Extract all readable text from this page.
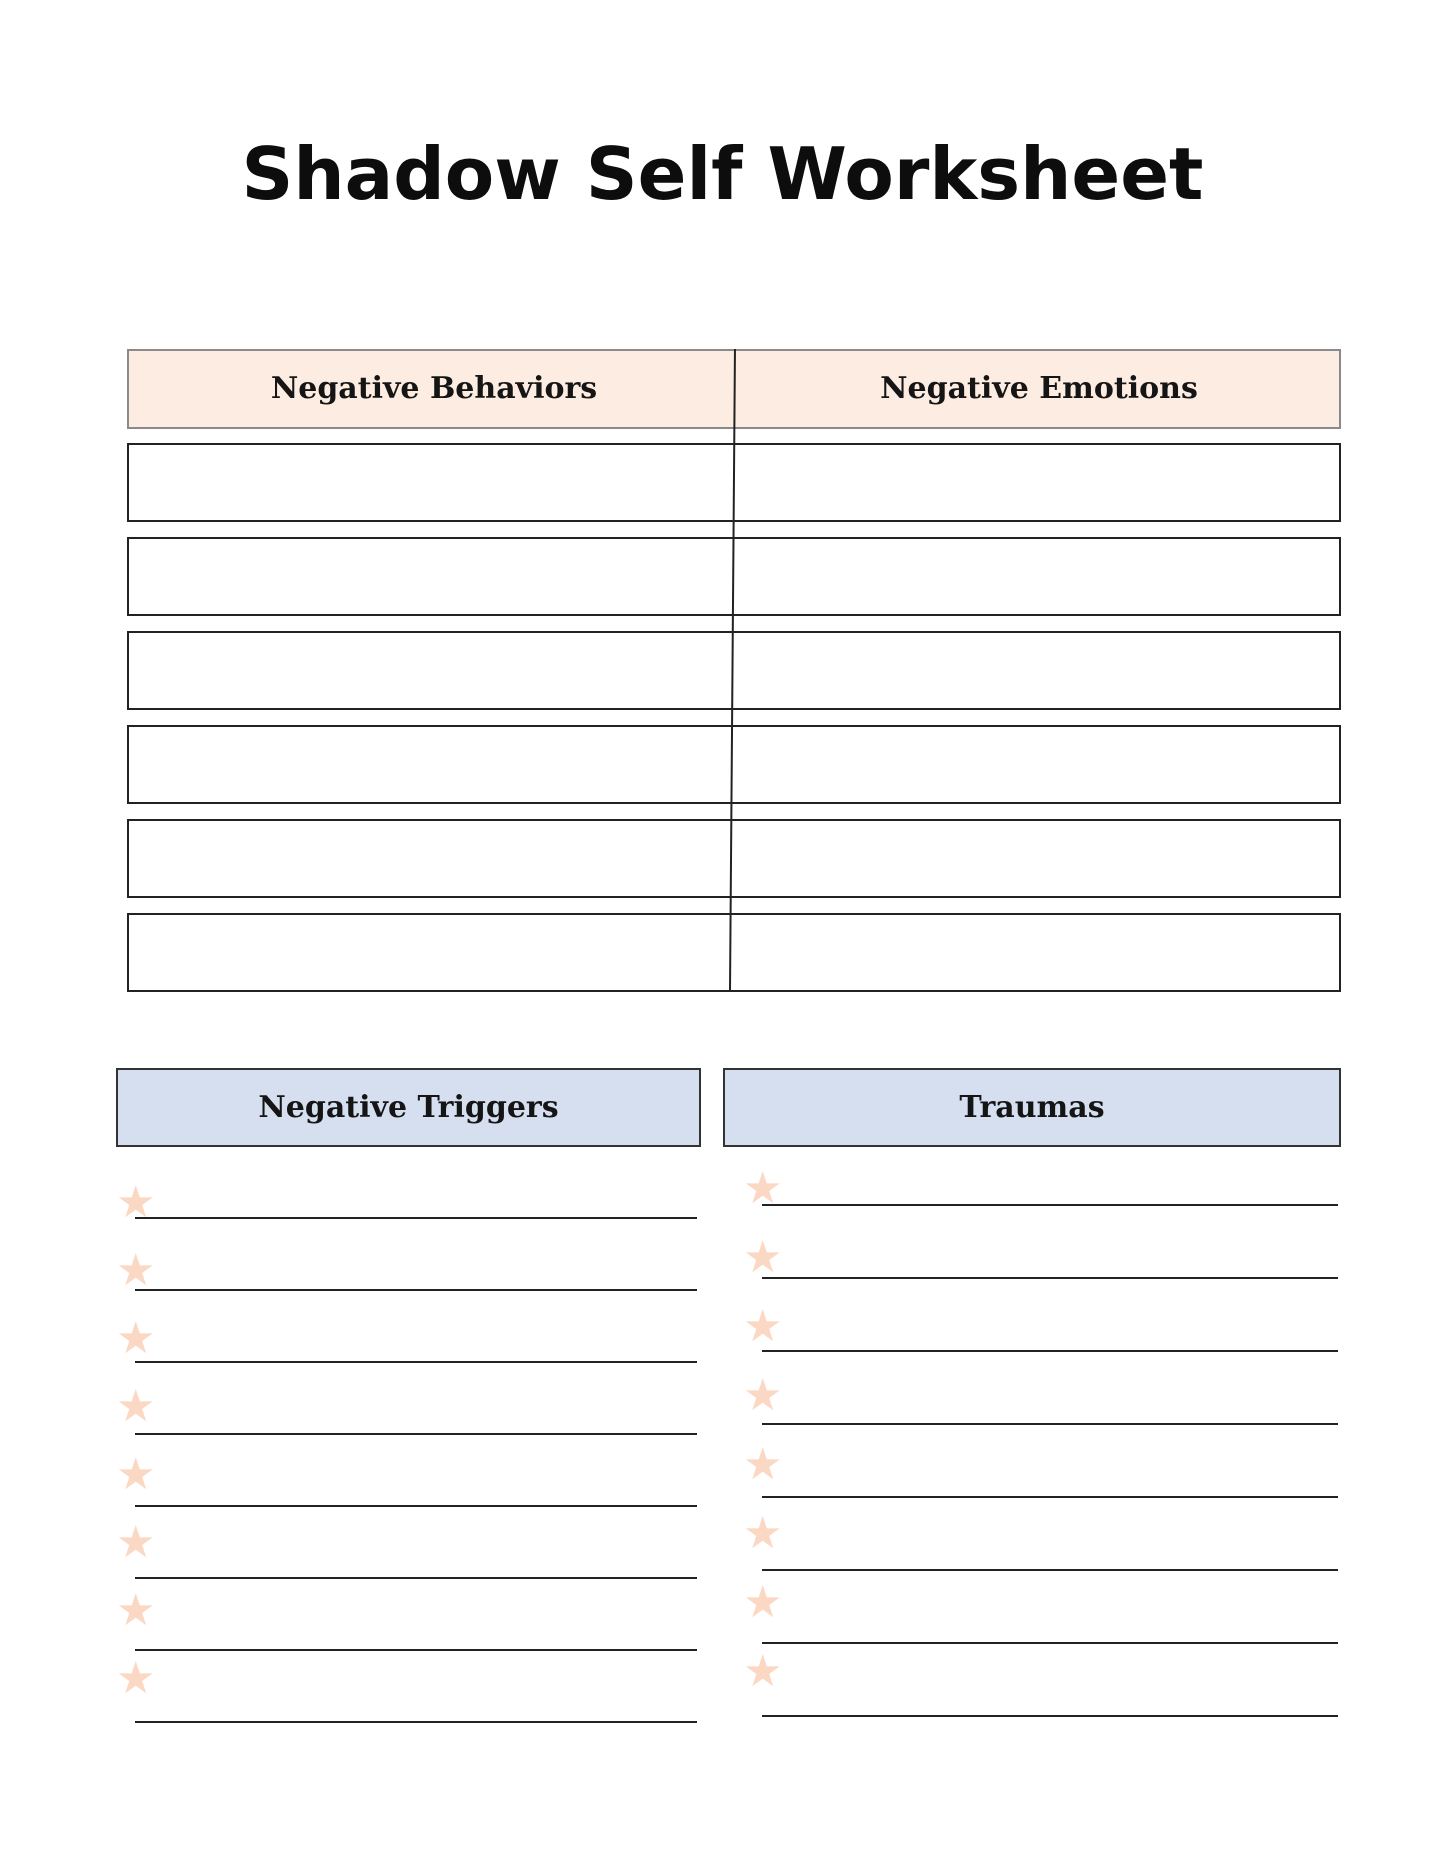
Shadow Self Worksheet
Negative Behaviors	Negative Emotions
Negative Triggers	Traumas
★
★
★
★
★
★
★
★
★
★
★
★
★
★
★
★
